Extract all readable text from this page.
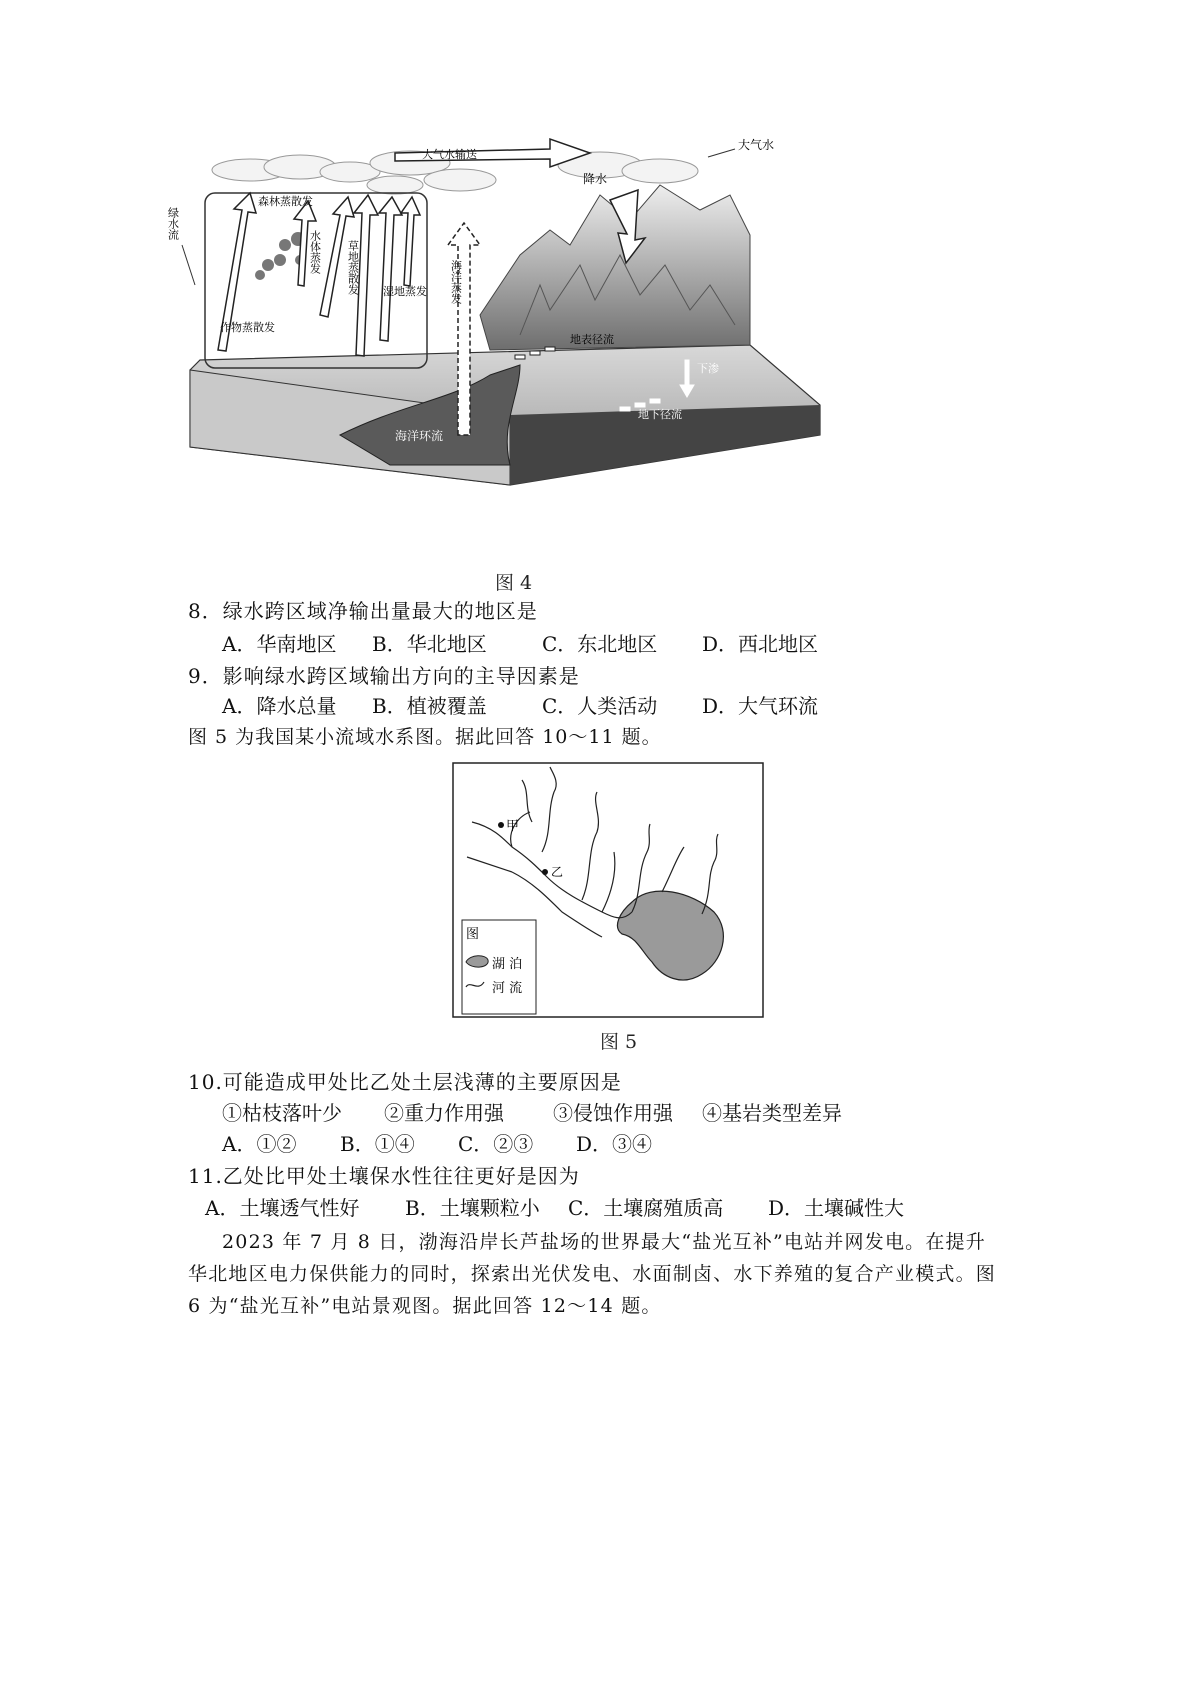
大气水输送
大气水
绿水流
森林蒸散发
水体蒸发 草地蒸散发 湿地蒸发
作物蒸散发
海洋蒸发
降水
地表径流
下渗
地下径流
海洋环流
图 4
8．绿水跨区域净输出量最大的地区是
A．华南地区 B．华北地区	C．东北地区 D．西北地区
9．影响绿水跨区域输出方向的主导因素是
A．降水总量 B．植被覆盖	C．人类活动 D．大气环流
图 5 为我国某小流域水系图。据此回答 10～11 题。
甲
乙
图
湖 泊
河 流
图 5
10.可能造成甲处比乙处土层浅薄的主要原因是
①枯枝落叶少 ②重力作用强 ③侵蚀作用强 ④基岩类型差异
A．①② B．①④ C．②③ D．③④
11.乙处比甲处土壤保水性往往更好是因为
A．土壤透气性好 B．土壤颗粒小 C．土壤腐殖质高 D．土壤碱性大
2023 年 7 月 8 日，渤海沿岸长芦盐场的世界最大“盐光互补”电站并网发电。在提升
华北地区电力保供能力的同时，探索出光伏发电、水面制卤、水下养殖的复合产业模式。图
6 为“盐光互补”电站景观图。据此回答 12～14 题。
